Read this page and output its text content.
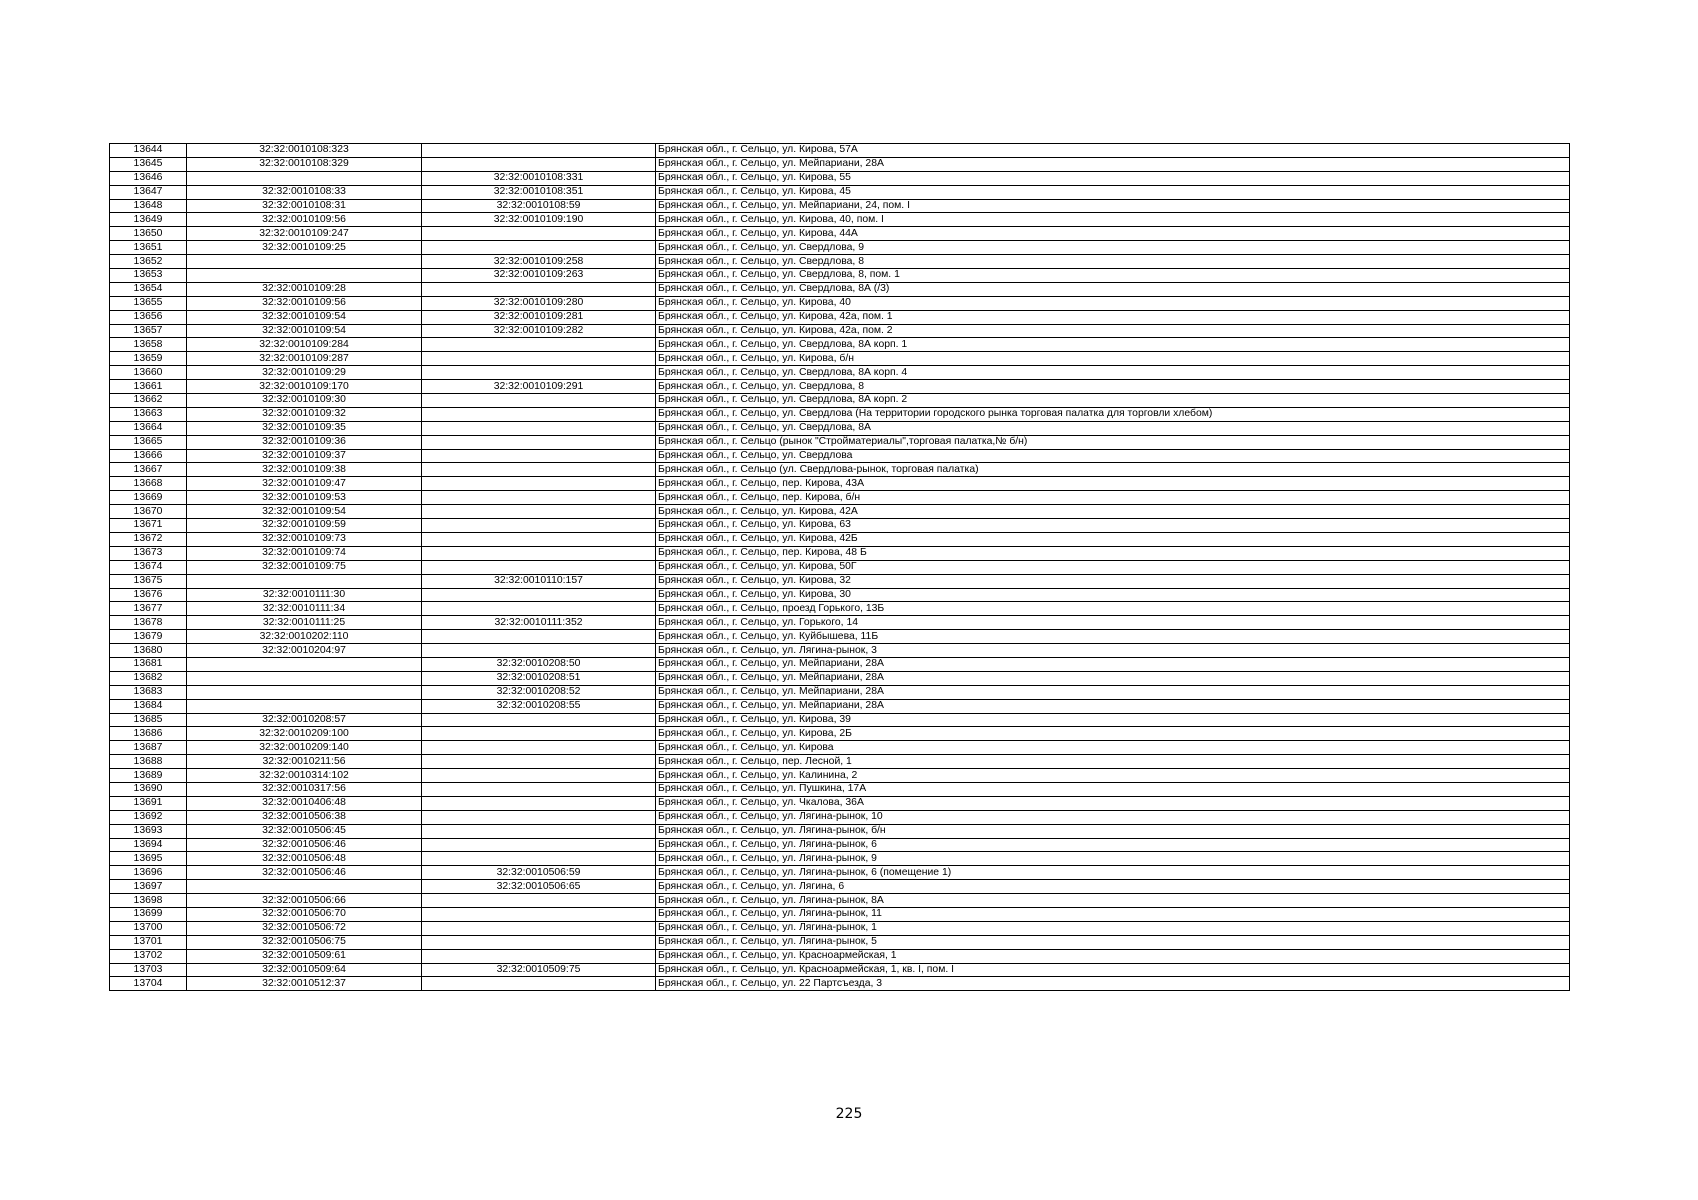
13644	32:32:0010108:323		Брянская обл., г. Сельцо, ул. Кирова, 57А
13645	32:32:0010108:329		Брянская обл., г. Сельцо, ул. Мейпариани, 28А
13646		32:32:0010108:331	Брянская обл., г. Сельцо, ул. Кирова, 55
13647	32:32:0010108:33	32:32:0010108:351	Брянская обл., г. Сельцо, ул. Кирова, 45
13648	32:32:0010108:31	32:32:0010108:59	Брянская обл., г. Сельцо, ул. Мейпариани, 24, пом. I
13649	32:32:0010109:56	32:32:0010109:190	Брянская обл., г. Сельцо, ул. Кирова, 40, пом. I
13650	32:32:0010109:247		Брянская обл., г. Сельцо, ул. Кирова, 44А
13651	32:32:0010109:25		Брянская обл., г. Сельцо, ул. Свердлова, 9
13652		32:32:0010109:258	Брянская обл., г. Сельцо, ул. Свердлова, 8
13653		32:32:0010109:263	Брянская обл., г. Сельцо, ул. Свердлова, 8, пом. 1
13654	32:32:0010109:28		Брянская обл., г. Сельцо, ул. Свердлова, 8А (/3)
13655	32:32:0010109:56	32:32:0010109:280	Брянская обл., г. Сельцо, ул. Кирова, 40
13656	32:32:0010109:54	32:32:0010109:281	Брянская обл., г. Сельцо, ул. Кирова, 42а, пом. 1
13657	32:32:0010109:54	32:32:0010109:282	Брянская обл., г. Сельцо, ул. Кирова, 42а, пом. 2
13658	32:32:0010109:284		Брянская обл., г. Сельцо, ул. Свердлова, 8А корп. 1
13659	32:32:0010109:287		Брянская обл., г. Сельцо, ул. Кирова, б/н
13660	32:32:0010109:29		Брянская обл., г. Сельцо, ул. Свердлова, 8А корп. 4
13661	32:32:0010109:170	32:32:0010109:291	Брянская обл., г. Сельцо, ул. Свердлова, 8
13662	32:32:0010109:30		Брянская обл., г. Сельцо, ул. Свердлова, 8А корп. 2
13663	32:32:0010109:32		Брянская обл., г. Сельцо, ул. Свердлова (На территории городского рынка торговая палатка для торговли хлебом)
13664	32:32:0010109:35		Брянская обл., г. Сельцо, ул. Свердлова, 8А
13665	32:32:0010109:36		Брянская обл., г. Сельцо (рынок "Стройматериалы",торговая палатка,№ б/н)
13666	32:32:0010109:37		Брянская обл., г. Сельцо, ул. Свердлова
13667	32:32:0010109:38		Брянская обл., г. Сельцо (ул. Свердлова-рынок, торговая палатка)
13668	32:32:0010109:47		Брянская обл., г. Сельцо, пер. Кирова, 43А
13669	32:32:0010109:53		Брянская обл., г. Сельцо, пер. Кирова, б/н
13670	32:32:0010109:54		Брянская обл., г. Сельцо, ул. Кирова, 42А
13671	32:32:0010109:59		Брянская обл., г. Сельцо, ул. Кирова, 63
13672	32:32:0010109:73		Брянская обл., г. Сельцо, ул. Кирова, 42Б
13673	32:32:0010109:74		Брянская обл., г. Сельцо, пер. Кирова, 48 Б
13674	32:32:0010109:75		Брянская обл., г. Сельцо, ул. Кирова, 50Г
13675		32:32:0010110:157	Брянская обл., г. Сельцо, ул. Кирова, 32
13676	32:32:0010111:30		Брянская обл., г. Сельцо, ул. Кирова, 30
13677	32:32:0010111:34		Брянская обл., г. Сельцо, проезд Горького, 13Б
13678	32:32:0010111:25	32:32:0010111:352	Брянская обл., г. Сельцо, ул. Горького, 14
13679	32:32:0010202:110		Брянская обл., г. Сельцо, ул. Куйбышева, 11Б
13680	32:32:0010204:97		Брянская обл., г. Сельцо, ул. Лягина-рынок, 3
13681		32:32:0010208:50	Брянская обл., г. Сельцо, ул. Мейпариани, 28А
13682		32:32:0010208:51	Брянская обл., г. Сельцо, ул. Мейпариани, 28А
13683		32:32:0010208:52	Брянская обл., г. Сельцо, ул. Мейпариани, 28А
13684		32:32:0010208:55	Брянская обл., г. Сельцо, ул. Мейпариани, 28А
13685	32:32:0010208:57		Брянская обл., г. Сельцо, ул. Кирова, 39
13686	32:32:0010209:100		Брянская обл., г. Сельцо, ул. Кирова, 2Б
13687	32:32:0010209:140		Брянская обл., г. Сельцо, ул. Кирова
13688	32:32:0010211:56		Брянская обл., г. Сельцо, пер. Лесной, 1
13689	32:32:0010314:102		Брянская обл., г. Сельцо, ул. Калинина, 2
13690	32:32:0010317:56		Брянская обл., г. Сельцо, ул. Пушкина, 17А
13691	32:32:0010406:48		Брянская обл., г. Сельцо, ул. Чкалова, 36А
13692	32:32:0010506:38		Брянская обл., г. Сельцо, ул. Лягина-рынок, 10
13693	32:32:0010506:45		Брянская обл., г. Сельцо, ул. Лягина-рынок, б/н
13694	32:32:0010506:46		Брянская обл., г. Сельцо, ул. Лягина-рынок, 6
13695	32:32:0010506:48		Брянская обл., г. Сельцо, ул. Лягина-рынок, 9
13696	32:32:0010506:46	32:32:0010506:59	Брянская обл., г. Сельцо, ул. Лягина-рынок, 6 (помещение 1)
13697		32:32:0010506:65	Брянская обл., г. Сельцо, ул. Лягина, 6
13698	32:32:0010506:66		Брянская обл., г. Сельцо, ул. Лягина-рынок, 8А
13699	32:32:0010506:70		Брянская обл., г. Сельцо, ул. Лягина-рынок, 11
13700	32:32:0010506:72		Брянская обл., г. Сельцо, ул. Лягина-рынок, 1
13701	32:32:0010506:75		Брянская обл., г. Сельцо, ул. Лягина-рынок, 5
13702	32:32:0010509:61		Брянская обл., г. Сельцо, ул. Красноармейская, 1
13703	32:32:0010509:64	32:32:0010509:75	Брянская обл., г. Сельцо, ул. Красноармейская, 1, кв. I, пом. I
13704	32:32:0010512:37		Брянская обл., г. Сельцо, ул. 22 Партсъезда, 3
225
